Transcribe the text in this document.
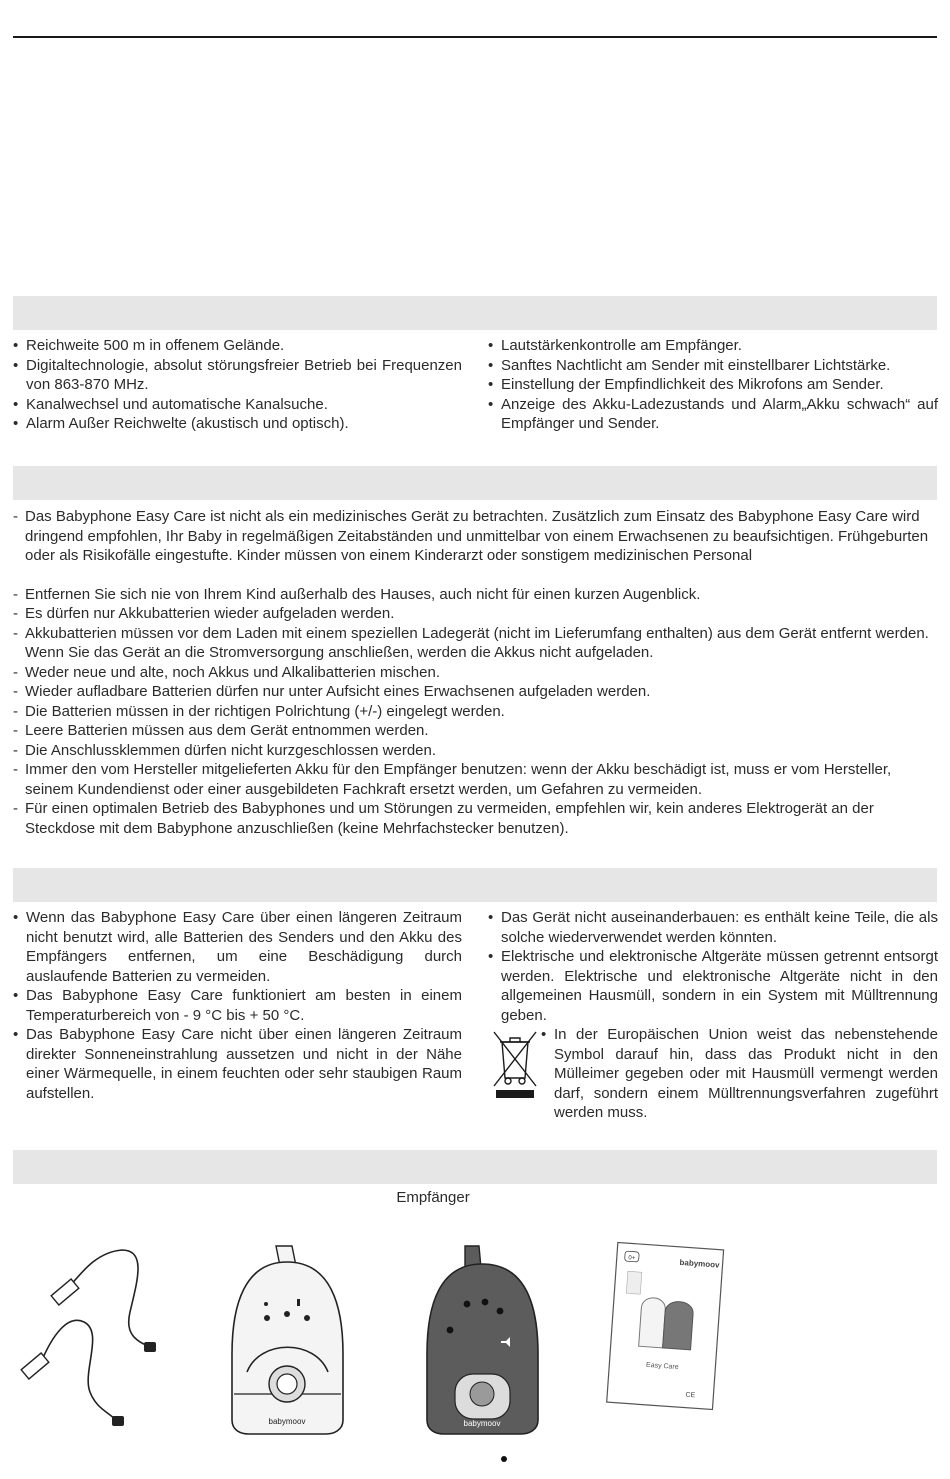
• Reichweite 500 m in offenem Gelände.
• Digitaltechnologie, absolut störungsfreier Betrieb bei Frequenzen von 863-870 MHz.
• Kanalwechsel und automatische Kanalsuche.
• Alarm Außer Reichwelte (akustisch und optisch).
• Lautstärkenkontrolle am Empfänger.
• Sanftes Nachtlicht am Sender mit einstellbarer Lichtstärke.
• Einstellung der Empfindlichkeit des Mikrofons am Sender.
• Anzeige des Akku-Ladezustands und Alarm„Akku schwach“ auf Empfänger und Sender.

- Das Babyphone Easy Care ist nicht als ein medizinisches Gerät zu betrachten. Zusätzlich zum Einsatz des Babyphone Easy Care wird dringend empfohlen, Ihr Baby in regelmäßigen Zeitabständen und unmittelbar von einem Erwachsenen zu beaufsichtigen. Frühgeburten oder als Risikofälle eingestufte. Kinder müssen von einem Kinderarzt oder sonstigem medizinischen Personal

- Entfernen Sie sich nie von Ihrem Kind außerhalb des Hauses, auch nicht für einen kurzen Augenblick.

- Es dürfen nur Akkubatterien wieder aufgeladen werden.

- Akkubatterien müssen vor dem Laden mit einem speziellen Ladegerät (nicht im Lieferumfang enthalten) aus dem Gerät entfernt werden. Wenn Sie das Gerät an die Stromversorgung anschließen, werden die Akkus nicht aufgeladen.

- Weder neue und alte, noch Akkus und Alkalibatterien mischen.

- Wieder aufladbare Batterien dürfen nur unter Aufsicht eines Erwachsenen aufgeladen werden.

- Die Batterien müssen in der richtigen Polrichtung (+/-) eingelegt werden.

- Leere Batterien müssen aus dem Gerät entnommen werden.

- Die Anschlussklemmen dürfen nicht kurzgeschlossen werden.

- Immer den vom Hersteller mitgelieferten Akku für den Empfänger benutzen: wenn der Akku beschädigt ist, muss er vom Hersteller, seinem Kundendienst oder einer ausgebildeten Fachkraft ersetzt werden, um Gefahren zu vermeiden.

- Für einen optimalen Betrieb des Babyphones und um Störungen zu vermeiden, empfehlen wir, kein anderes Elektrogerät an der Steckdose mit dem Babyphone anzuschließen (keine Mehrfachstecker benutzen).

• Wenn das Babyphone Easy Care über einen längeren Zeitraum nicht benutzt wird, alle Batterien des Senders und den Akku des Empfängers entfernen, um eine Beschädigung durch auslaufende Batterien zu vermeiden.
• Das Babyphone Easy Care funktioniert am besten in einem Temperaturbereich von - 9 °C bis + 50 °C.
• Das Babyphone Easy Care nicht über einen längeren Zeitraum direkter Sonneneinstrahlung aussetzen und nicht in der Nähe einer Wärmequelle, in einem feuchten oder sehr staubigen Raum aufstellen.
• Das Gerät nicht auseinanderbauen: es enthält keine Teile, die als solche wiederverwendet werden könnten.
• Elektrische und elektronische Altgeräte müssen getrennt entsorgt werden. Elektrische und elektronische Altgeräte nicht in den allgemeinen Hausmüll, sondern in ein System mit Mülltrennung geben.
• In der Europäischen Union weist das nebenstehende Symbol darauf hin, dass das Produkt nicht in den Mülleimer gegeben oder mit Hausmüll vermengt werden darf, sondern einem Mülltrennungsverfahren zugeführt werden muss.
Empfänger
babymoov	babymoov
0+	babymoov
Easy Care
CE
